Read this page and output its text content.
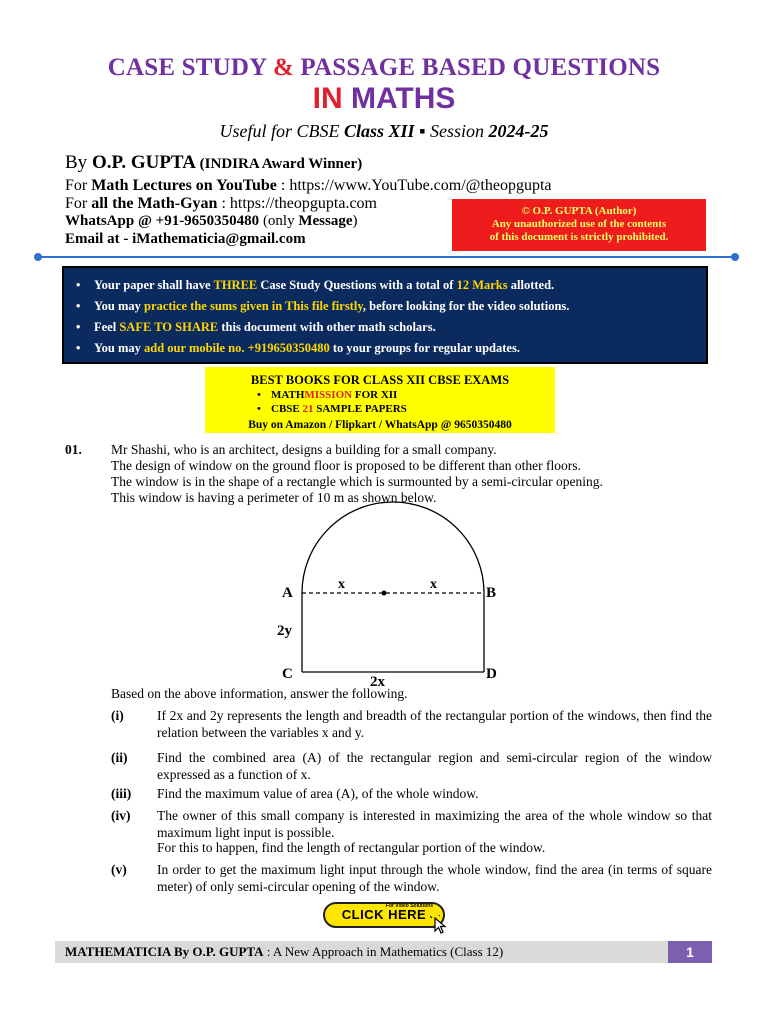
CASE STUDY & PASSAGE BASED QUESTIONS
IN MATHS
Useful for CBSE Class XII ▪ Session 2024-25
By O.P. GUPTA (INDIRA Award Winner)
For Math Lectures on YouTube : https://www.YouTube.com/@theopgupta
For all the Math-Gyan : https://theopgupta.com
WhatsApp @ +91-9650350480 (only Message)
Email at - iMathematicia@gmail.com
© O.P. GUPTA (Author)
Any unauthorized use of the contents
of this document is strictly prohibited.
• Your paper shall have THREE Case Study Questions with a total of 12 Marks allotted.
• You may practice the sums given in This file firstly, before looking for the video solutions.
• Feel SAFE TO SHARE this document with other math scholars.
• You may add our mobile no. +919650350480 to your groups for regular updates.
BEST BOOKS FOR CLASS XII CBSE EXAMS
• MATHMISSION FOR XII
• CBSE 21 SAMPLE PAPERS
Buy on Amazon / Flipkart / WhatsApp @ 9650350480
01. Mr Shashi, who is an architect, designs a building for a small company.
The design of window on the ground floor is proposed to be different than other floors.
The window is in the shape of a rectangle which is surmounted by a semi-circular opening.
This window is having a perimeter of 10 m as shown below.
A	B
C	D
x	x
2y
2x
Based on the above information, answer the following.
(i) If 2x and 2y represents the length and breadth of the rectangular portion of the windows, then find the relation between the variables x and y.
(ii) Find the combined area (A) of the rectangular region and semi-circular region of the window expressed as a function of x.
(iii) Find the maximum value of area (A), of the whole window.
(iv) The owner of this small company is interested in maximizing the area of the whole window so that maximum light input is possible.
For this to happen, find the length of rectangular portion of the window.
(v) In order to get the maximum light input through the whole window, find the area (in terms of square meter) of only semi-circular opening of the window.
For Video Solutions
CLICK HERE
MATHEMATICIA By O.P. GUPTA : A New Approach in Mathematics (Class 12)	1
